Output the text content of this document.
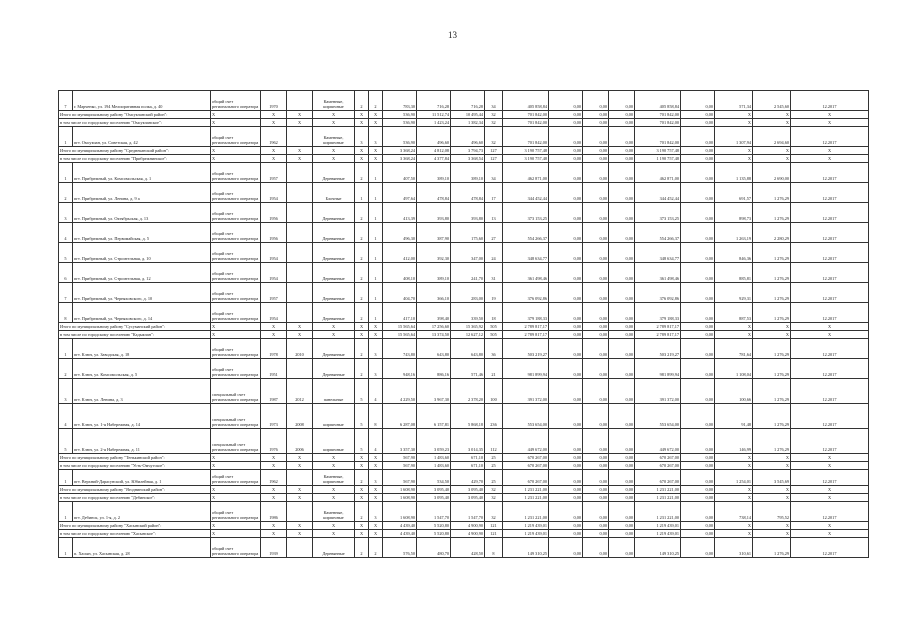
13
7	г. Марченко, ул. 194 Мелиоративная полка, д. 40	общий счет регионального оператора	1970		Каменные, кирпичные	2	2	783,30	716,28	716,28	34	405 858,84	0,00	0,00	0,00	405 858,84	0,00	571,34	2 545,60	12.2017
Итого по муниципальному району "Омсукчанский район":		X	X	X	X	X	X	536,90	11 512,74	10 495,44	32	701 842,00	0,00	0,00	0,00	701 842,00	0,00	X	X	X
в том числе по городскому поселению "Омсукчанское":		X	X	X	X	X	X	536,90	1 423,24	1 382,34	32	701 842,00	0,00	0,00	0,00	701 842,00	0,00	X	X	X
1	пгт. Омсукчан, ул. Советская, д. 42	общий счет регионального оператора	1962		Каменные, кирпичные	3	3	536,90	496,60	496,60	32	701 842,00	0,00	0,00	0,00	701 842,00	0,00	1 307,94	2 694,60	12.2017
Итого по муниципальному району "Среднеканский район":		X	X	X	X	X	X	3 368,24	4 812,08	3 794,73	127	3 190 757,48	0,00	0,00	0,00	3 190 757,48	0,00	X	X	X
в том числе по городскому поселению "Прибрежнинское":		X	X	X	X	X	X	3 368,24	4 377,84	3 368,54	127	3 190 757,48	0,00	0,00	0,00	1 190 757,48	0,00	X	X	X
1	пгт. Прибрежный, ул. Комсомольская, д. 1	общий счет регионального оператора	1957		Деревянные	2	1	407,50	389,10	389,10	34	462 871,00	0,00	0,00	0,00	462 871,00	0,00	1 135,88	2 690,00	12.2017
2	пгт. Прибрежный, ул. Ленина, д. 9 а	общий счет регионального оператора	1954		Блочные	1	1	497,64	478,84	478,84	17	344 452,44	0,00	0,00	0,00	344 452,44	0,00	691,57	1 276,29	12.2017
3	пгт. Прибрежный, ул. Октябрьская, д. 13	общий счет регионального оператора	1956		Деревянные	2	1	413,39	393,80	393,80	13	373 153,25	0,00	0,00	0,00	373 153,25	0,00	898,73	1 276,29	12.2017
4	пгт. Прибрежный, ул. Первомайская, д. 5	общий счет регионального оператора	1956		Деревянные	2	1	496,30	387,90	175,60	27	554 266,37	0,00	0,00	0,00	554 266,37	0,00	1 263,19	2 280,29	12.2017
5	пгт. Прибрежный, ул. Строительная, д. 10	общий счет регионального оператора	1954		Деревянные	2	1	412,00	392,30	347,00	24	348 634,77	0,00	0,00	0,00	348 634,77	0,00	846,36	1 276,29	12.2017
6	пгт. Прибрежный, ул. Строительная, д. 12	общий счет регионального оператора	1954		Деревянные	2	1	408,10	389,10	241,70	31	361 498,46	0,00	0,00	0,00	361 498,46	0,00	885,81	1 276,29	12.2017
7	пгт. Прибрежный, ул. Черняховского, д. 10	общий счет регионального оператора	1957		Деревянные	2	1	404,70	366,10	283,00	19	376 092,86	0,00	0,00	0,00	376 092,86	0,00	929,31	1 276,29	12.2017
8	пгт. Прибрежный, ул. Черняховского, д. 14	общий счет регионального оператора	1954		Деревянные	2	1	417,10	398,40	339,50	18	379 188,33	0,00	0,00	0,00	379 188,33	0,00	887,53	1 276,29	12.2017
Итого по муниципальному району "Сусуманский район":		X	X	X	X	X	X	15 565,64	17 256,60	15 365,92	505	2 789 817,17	0,00	0,00	0,00	2 789 817,17	0,00	X	X	X
в том числе по городскому поселению "Кадыкчан":		X	X	X	X	X	X	15 565,64	13 374,50	12 627,12	505	2 789 817,17	0,00	0,00	0,00	2 789 817,17	0,00	X	X	X
1	пгт. Ключ, ул. Заводская, д. 18	общий счет регионального оператора	1978	2010	Деревянные	2	3	743,80	643,80	643,80	36	503 219,27	0,00	0,00	0,00	503 219,27	0,00	781,64	1 276,29	12.2017
2	пгт. Ключ, ул. Комсомольская, д. 5	общий счет регионального оператора	1951		Деревянные	2	3	948,16	886,16	571,46	21	981 899,94	0,00	0,00	0,00	981 899,94	0,00	1 108,04	1 276,29	12.2017
3	пгт. Ключ, ул. Ленина, д. 3	специальный счет регионального оператора	1987	2012	панельные	5	4	4 229,50	3 967,30	2 378,20	100	391 372,00	0,00	0,00	0,00	391 372,00	0,00	100,66	1 276,29	12.2017
4	пгт. Ключ, ул. 1-я Набережная, д. 14	специальный счет регионального оператора	1973	2008	кирпичные	5	8	6 287,08	6 157,81	5 868,18	236	553 654,00	0,00	0,00	0,00	553 654,00	0,00	91,48	1 276,29	12.2017
5	пгт. Ключ, ул. 2-я Набережная, д. 11	специальный счет регионального оператора	1976	2006	кирпичные	5	4	3 357,30	3 059,23	3 014,35	112	449 672,00	0,00	0,00	0,00	449 672,00	0,00	146,99	1 276,29	12.2017
Итого по муниципальному району "Тенькинский район":		X	X	X	X	X	X	567,90	1 483,60	671,10	25	670 267,00	0,00	0,00	0,00	670 267,00	0,00	X	X	X
в том числе по городскому поселению "Усть-Омчугское":		X	X	X	X	X	X	567,90	1 483,60	671,10	25	670 267,00	0,00	0,00	0,00	670 267,00	0,00	X	X	X
1	пгт. Верхний-Дарасунский, ул. Юбилейная, д. 1	общий счет регионального оператора	1962		Каменные, кирпичные	2	3	567,90	534,50	429,70	25	670 267,00	0,00	0,00	0,00	670 267,00	0,00	1 254,01	3 545,69	12.2017
Итого по муниципальному району "Ягоднинский район":		X	X	X	X	X	X	1 608,90	3 095,40	3 095,40	32	1 231 221,00	0,00	0,00	0,00	1 231 221,00	0,00	X	X	X
в том числе по городскому поселению "Дебинское":		X	X	X	X	X	X	1 608,90	3 095,40	3 095,40	32	1 231 221,00	0,00	0,00	0,00	1 231 221,00	0,00	X	X	X
1	пгт. Дебинск, ул. 1-я, д. 2	общий счет регионального оператора	1986		Каменные, кирпичные	2	3	1 608,90	1 547,70	1 547,70	32	1 231 221,00	0,00	0,00	0,00	1 231 221,00	0,00	738,14	795,52	12.2017
Итого по муниципальному району "Хасынский район":		X	X	X	X	X	X	4 439,40	5 520,80	4 900,90	121	1 219 439,01	0,00	0,00	0,00	1 219 439,01	0,00	X	X	X
в том числе по городскому поселению "Хасынское":		X	X	X	X	X	X	4 439,40	5 520,80	4 900,90	121	1 219 439,01	0,00	0,00	0,00	1 219 439,01	0,00	X	X	X
1	п. Хасын, ул. Хасынская, д. 28	общий счет регионального оператора	1939		Деревянные	2	2	576,50	480,70	428,50	8	149 310,25	0,00	0,00	0,00	149 310,25	0,00	310,61	1 276,29	12.2017
